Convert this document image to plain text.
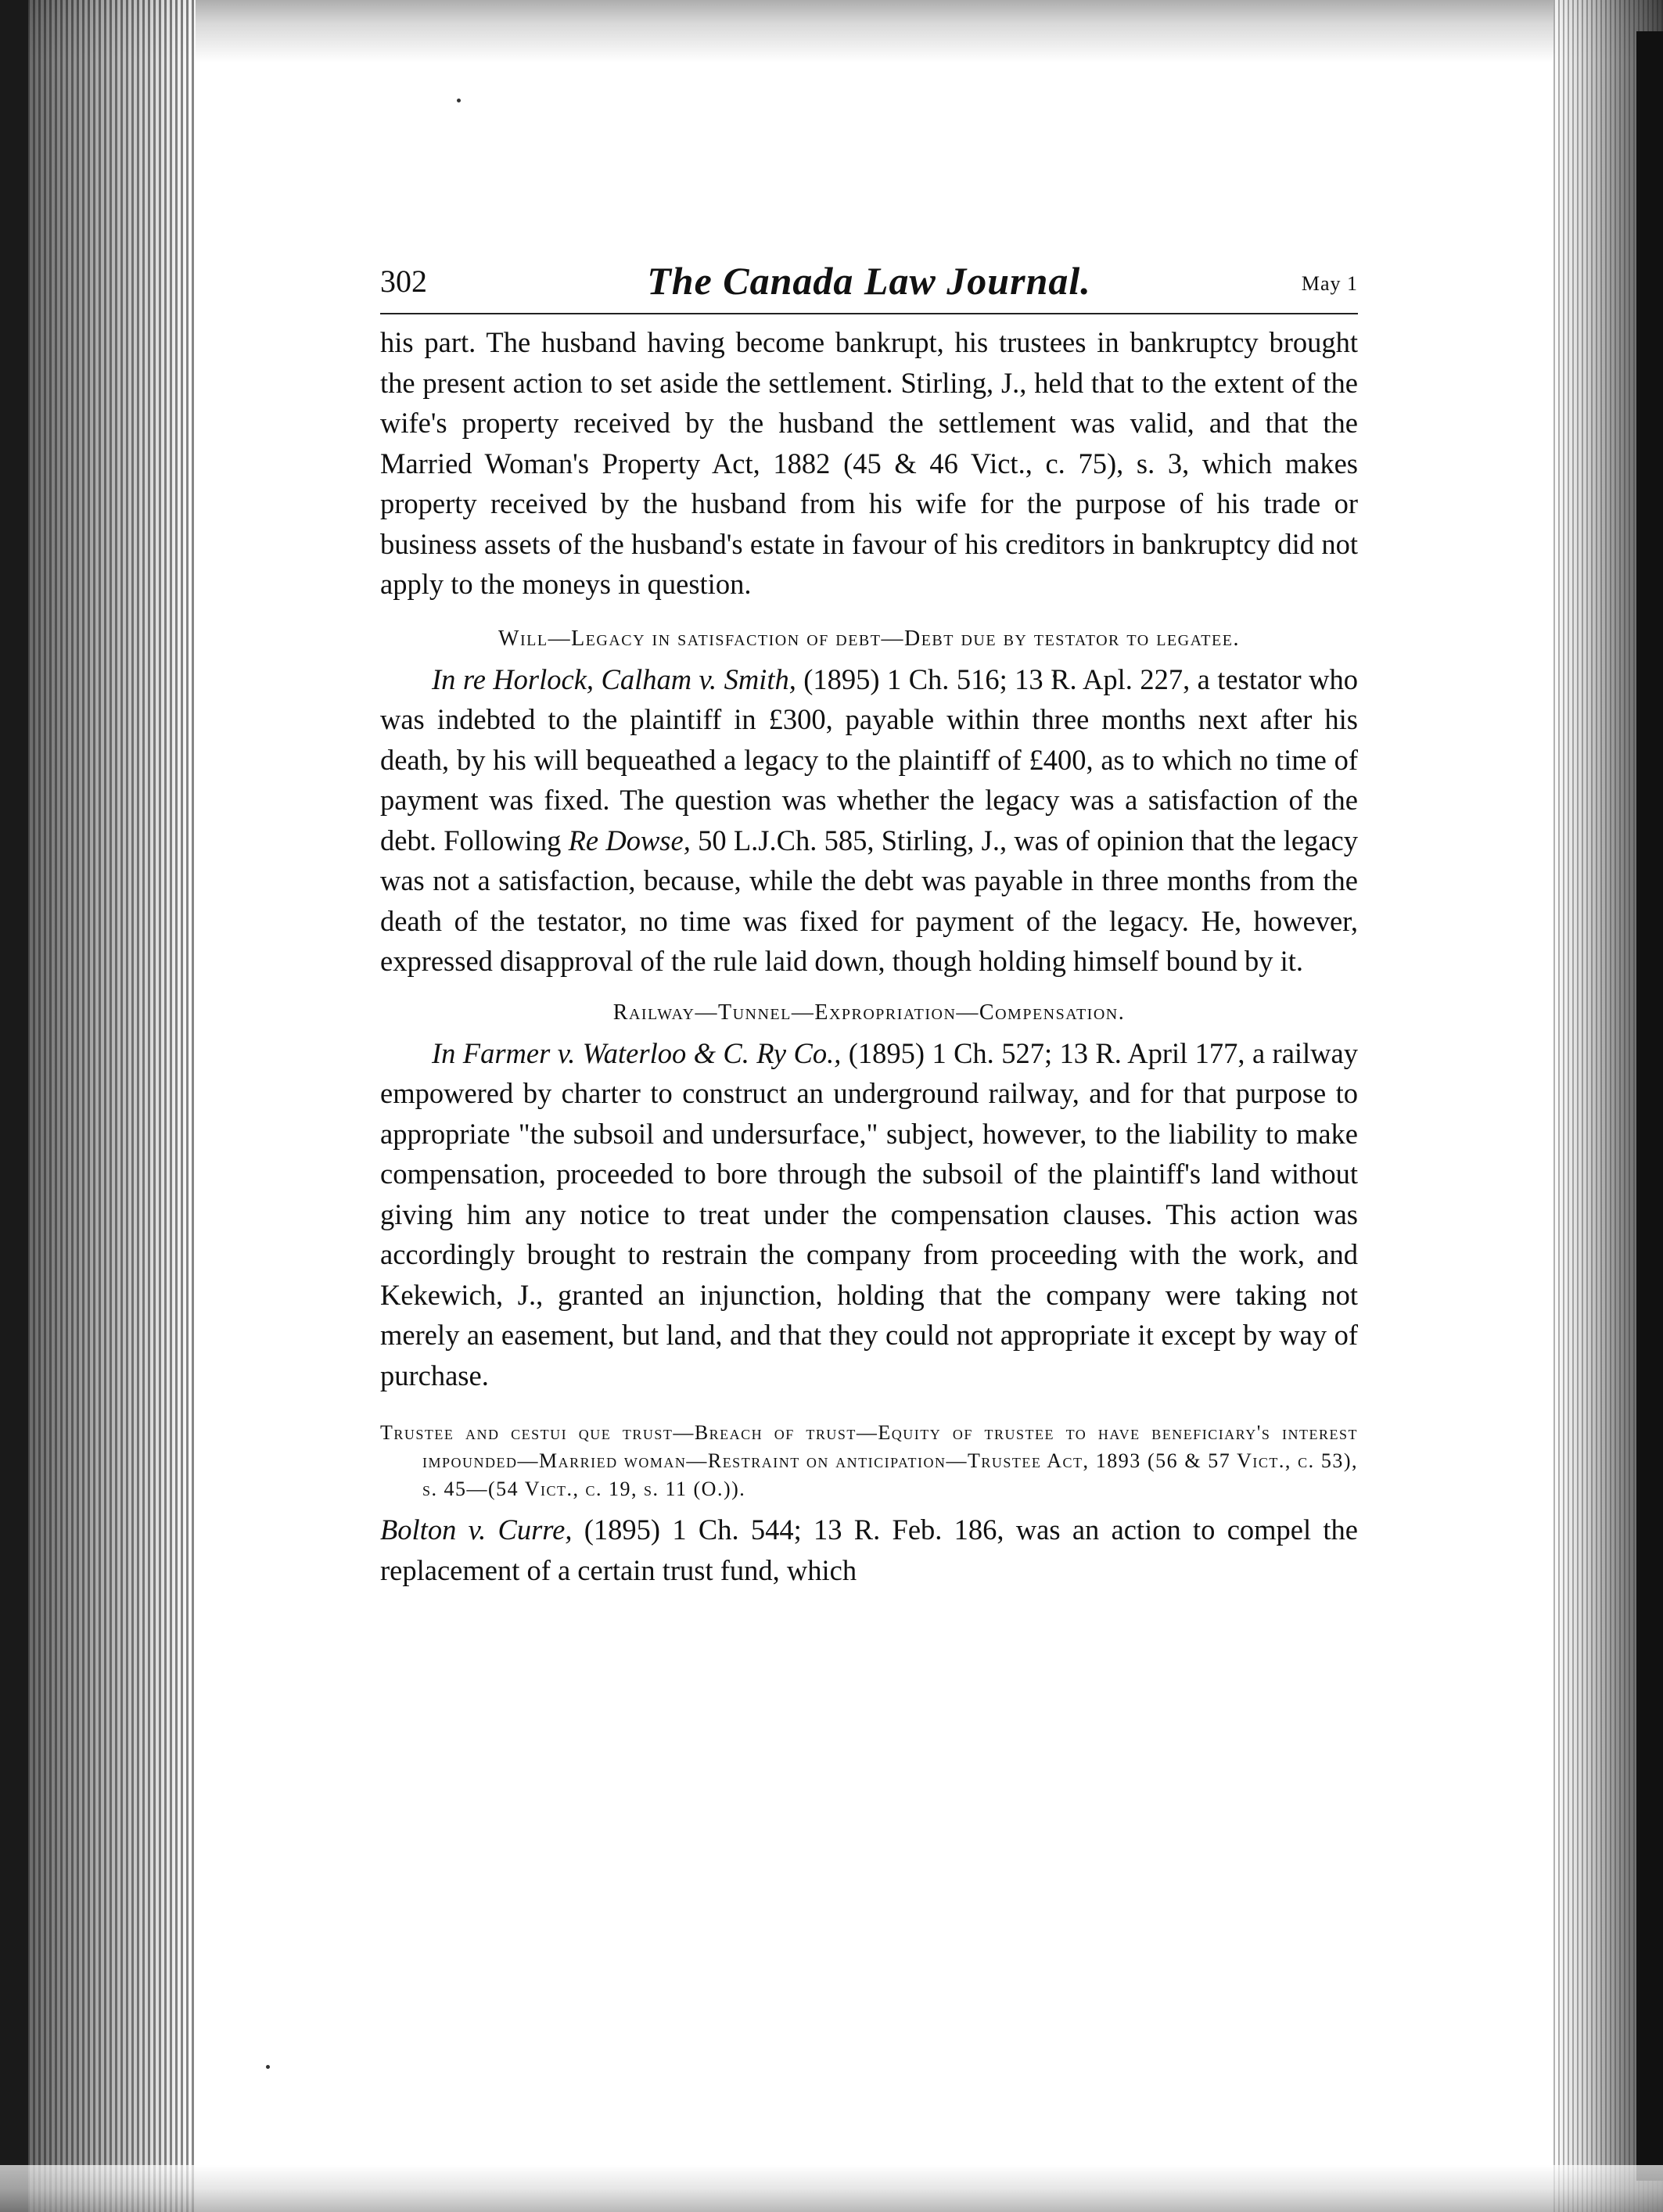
302	The Canada Law Journal.	May 1

his part. The husband having become bankrupt, his trustees in bankruptcy brought the present action to set aside the settlement. Stirling, J., held that to the extent of the wife's property received by the husband the settlement was valid, and that the Married Woman's Property Act, 1882 (45 & 46 Vict., c. 75), s. 3, which makes property received by the husband from his wife for the purpose of his trade or business assets of the husband's estate in favour of his creditors in bankruptcy did not apply to the moneys in question.

Will—Legacy in satisfaction of debt—Debt due by testator to legatee.

In re Horlock, Calham v. Smith, (1895) 1 Ch. 516; 13 R. Apl. 227, a testator who was indebted to the plaintiff in £300, payable within three months next after his death, by his will bequeathed a legacy to the plaintiff of £400, as to which no time of payment was fixed. The question was whether the legacy was a satisfaction of the debt. Following Re Dowse, 50 L.J.Ch. 585, Stirling, J., was of opinion that the legacy was not a satisfaction, because, while the debt was payable in three months from the death of the testator, no time was fixed for payment of the legacy. He, however, expressed disapproval of the rule laid down, though holding himself bound by it.

Railway—Tunnel—Expropriation—Compensation.

In Farmer v. Waterloo & C. Ry Co., (1895) 1 Ch. 527; 13 R. April 177, a railway empowered by charter to construct an underground railway, and for that purpose to appropriate "the subsoil and undersurface," subject, however, to the liability to make compensation, proceeded to bore through the subsoil of the plaintiff's land without giving him any notice to treat under the compensation clauses. This action was accordingly brought to restrain the company from proceeding with the work, and Kekewich, J., granted an injunction, holding that the company were taking not merely an easement, but land, and that they could not appropriate it except by way of purchase.

Trustee and cestui que trust—Breach of trust—Equity of trustee to have beneficiary's interest impounded—Married woman—Restraint on anticipation—Trustee Act, 1893 (56 & 57 Vict., c. 53), s. 45—(54 Vict., c. 19, s. 11 (O.)).

Bolton v. Curre, (1895) 1 Ch. 544; 13 R. Feb. 186, was an action to compel the replacement of a certain trust fund, which
